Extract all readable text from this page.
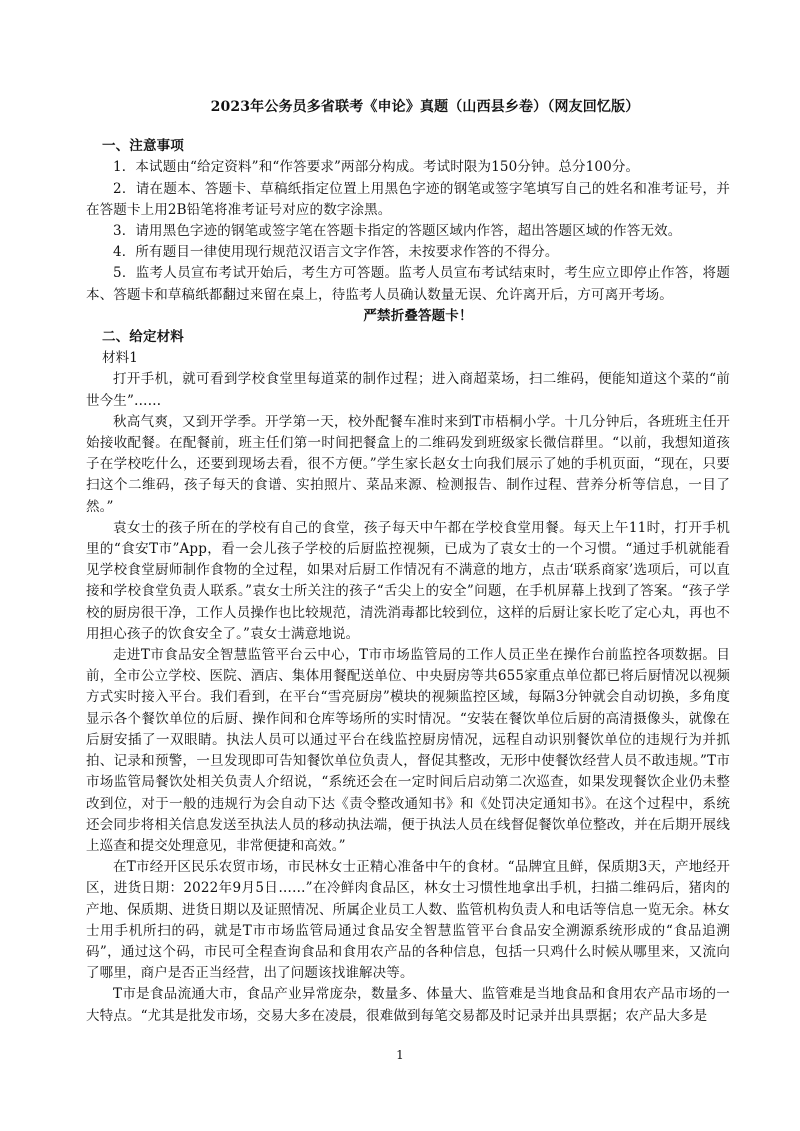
2023年公务员多省联考《申论》真题（山西县乡卷）（网友回忆版）
一、注意事项

1．本试题由“给定资料”和“作答要求”两部分构成。考试时限为150分钟。总分100分。

2．请在题本、答题卡、草稿纸指定位置上用黑色字迹的钢笔或签字笔填写自己的姓名和准考证号，并在答题卡上用2B铅笔将准考证号对应的数字涂黑。

3．请用黑色字迹的钢笔或签字笔在答题卡指定的答题区域内作答，超出答题区域的作答无效。

4．所有题目一律使用现行规范汉语言文字作答，未按要求作答的不得分。

5．监考人员宣布考试开始后，考生方可答题。监考人员宣布考试结束时，考生应立即停止作答，将题本、答题卡和草稿纸都翻过来留在桌上，待监考人员确认数量无误、允许离开后，方可离开考场。

严禁折叠答题卡！
二、给定材料
材料1

打开手机，就可看到学校食堂里每道菜的制作过程；进入商超菜场，扫二维码，便能知道这个菜的“前世今生”……

秋高气爽，又到开学季。开学第一天，校外配餐车准时来到T市梧桐小学。十几分钟后，各班班主任开始接收配餐。在配餐前，班主任们第一时间把餐盒上的二维码发到班级家长微信群里。“以前，我想知道孩子在学校吃什么，还要到现场去看，很不方便。”学生家长赵女士向我们展示了她的手机页面，“现在，只要扫这个二维码，孩子每天的食谱、实拍照片、菜品来源、检测报告、制作过程、营养分析等信息，一目了然。”

袁女士的孩子所在的学校有自己的食堂，孩子每天中午都在学校食堂用餐。每天上午11时，打开手机里的“食安T市”App，看一会儿孩子学校的后厨监控视频，已成为了袁女士的一个习惯。“通过手机就能看见学校食堂厨师制作食物的全过程，如果对后厨工作情况有不满意的地方，点击‘联系商家’选项后，可以直接和学校食堂负责人联系。”袁女士所关注的孩子“舌尖上的安全”问题，在手机屏幕上找到了答案。“孩子学校的厨房很干净，工作人员操作也比较规范，清洗消毒都比较到位，这样的后厨让家长吃了定心丸，再也不用担心孩子的饮食安全了。”袁女士满意地说。

走进T市食品安全智慧监管平台云中心，T市市场监管局的工作人员正坐在操作台前监控各项数据。目前，全市公立学校、医院、酒店、集体用餐配送单位、中央厨房等共655家重点单位都已将后厨情况以视频方式实时接入平台。我们看到，在平台“雪亮厨房”模块的视频监控区域，每隔3分钟就会自动切换，多角度显示各个餐饮单位的后厨、操作间和仓库等场所的实时情况。“安装在餐饮单位后厨的高清摄像头，就像在后厨安插了一双眼睛。执法人员可以通过平台在线监控厨房情况，远程自动识别餐饮单位的违规行为并抓拍、记录和预警，一旦发现即可告知餐饮单位负责人，督促其整改，无形中使餐饮经营人员不敢违规。”T市市场监管局餐饮处相关负责人介绍说，“系统还会在一定时间后启动第二次巡查，如果发现餐饮企业仍未整改到位，对于一般的违规行为会自动下达《责令整改通知书》和《处罚决定通知书》。在这个过程中，系统还会同步将相关信息发送至执法人员的移动执法端，便于执法人员在线督促餐饮单位整改，并在后期开展线上巡查和提交处理意见，非常便捷和高效。”

在T市经开区民乐农贸市场，市民林女士正精心准备中午的食材。“品牌宜且鲜，保质期3天，产地经开区，进货日期：2022年9月5日……”在冷鲜肉食品区，林女士习惯性地拿出手机，扫描二维码后，猪肉的产地、保质期、进货日期以及证照情况、所属企业员工人数、监管机构负责人和电话等信息一览无余。林女士用手机所扫的码，就是T市市场监管局通过食品安全智慧监管平台食品安全溯源系统形成的“食品追溯码”，通过这个码，市民可全程查询食品和食用农产品的各种信息，包括一只鸡什么时候从哪里来，又流向了哪里，商户是否正当经营，出了问题该找谁解决等。

T市是食品流通大市，食品产业异常庞杂，数量多、体量大、监管难是当地食品和食用农产品市场的一大特点。“尤其是批发市场，交易大多在凌晨，很难做到每笔交易都及时记录并出具票据；农产品大多是

1
